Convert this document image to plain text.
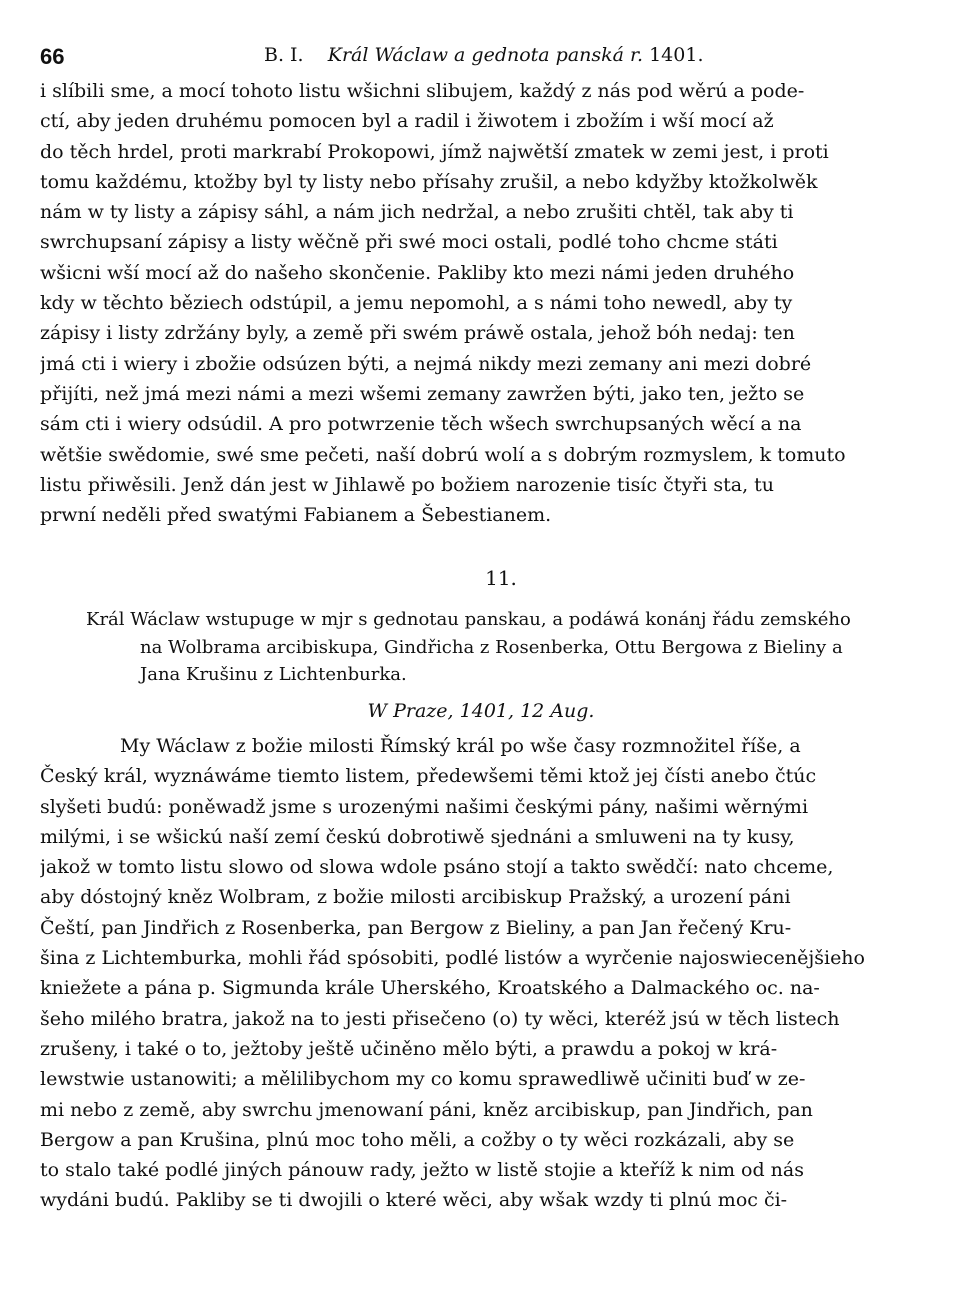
66	B. I. Král Wáclaw a gednota panská r. 1401.
i slíbili sme, a mocí tohoto listu wšichni slibujem, každý z nás pod wěrú a pode-
ctí, aby jeden druhému pomocen byl a radil i žiwotem i zbožím i wší mocí až
do těch hrdel, proti markrabí Prokopowi, jímž najwětší zmatek w zemi jest, i proti
tomu každému, ktožby byl ty listy nebo přísahy zrušil, a nebo kdyžby ktožkolwěk
nám w ty listy a zápisy sáhl, a nám jich nedržal, a nebo zrušiti chtěl, tak aby ti
swrchupsaní zápisy a listy wěčně při swé moci ostali, podlé toho chcme státi
wšicni wší mocí až do našeho skončenie. Pakliby kto mezi námi jeden druhého
kdy w těchto běziech odstúpil, a jemu nepomohl, a s námi toho newedl, aby ty
zápisy i listy zdržány byly, a země při swém práwě ostala, jehož bóh nedaj: ten
jmá cti i wiery i zbožie odsúzen býti, a nejmá nikdy mezi zemany ani mezi dobré
přijíti, než jmá mezi námi a mezi wšemi zemany zawržen býti, jako ten, ježto se
sám cti i wiery odsúdil. A pro potwrzenie těch wšech swrchupsaných wěcí a na
wětšie swědomie, swé sme pečeti, naší dobrú wolí a s dobrým rozmyslem, k tomuto
listu přiwěsili. Jenž dán jest w Jihlawě po božiem narozenie tisíc čtyři sta, tu
prwní neděli před swatými Fabianem a Šebestianem.
11.
Král Wáclaw wstupuge w mjr s gednotau panskau, a podáwá konánj řádu zemského
na Wolbrama arcibiskupa, Gindřicha z Rosenberka, Ottu Bergowa z Bieliny a
Jana Krušinu z Lichtenburka.
W Praze, 1401, 12 Aug.
My Wáclaw z božie milosti Římský král po wše časy rozmnožitel říše, a
Český král, wyznáwáme tiemto listem, předewšemi těmi ktož jej čísti anebo čtúc
slyšeti budú: poněwadž jsme s urozenými našimi českými pány, našimi wěrnými
milými, i se wšickú naší zemí českú dobrotiwě sjednáni a smluweni na ty kusy,
jakož w tomto listu slowo od slowa wdole psáno stojí a takto swědčí: nato chceme,
aby dóstojný kněz Wolbram, z božie milosti arcibiskup Pražský, a urození páni
Čeští, pan Jindřich z Rosenberka, pan Bergow z Bieliny, a pan Jan řečený Kru-
šina z Lichtemburka, mohli řád spósobiti, podlé listów a wyrčenie najoswiecenějšieho
kniežete a pána p. Sigmunda krále Uherského, Kroatského a Dalmackého oc. na-
šeho milého bratra, jakož na to jesti přisečeno (o) ty wěci, kteréž jsú w těch listech
zrušeny, i také o to, ježtoby ještě učiněno mělo býti, a prawdu a pokoj w krá-
lewstwie ustanowiti; a mělilibychom my co komu sprawedliwě učiniti buď w ze-
mi nebo z země, aby swrchu jmenowaní páni, kněz arcibiskup, pan Jindřich, pan
Bergow a pan Krušina, plnú moc toho měli, a cožby o ty wěci rozkázali, aby se
to stalo také podlé jiných pánouw rady, ježto w listě stojie a kteříž k nim od nás
wydáni budú. Pakliby se ti dwojili o které wěci, aby wšak wzdy ti plnú moc či-
